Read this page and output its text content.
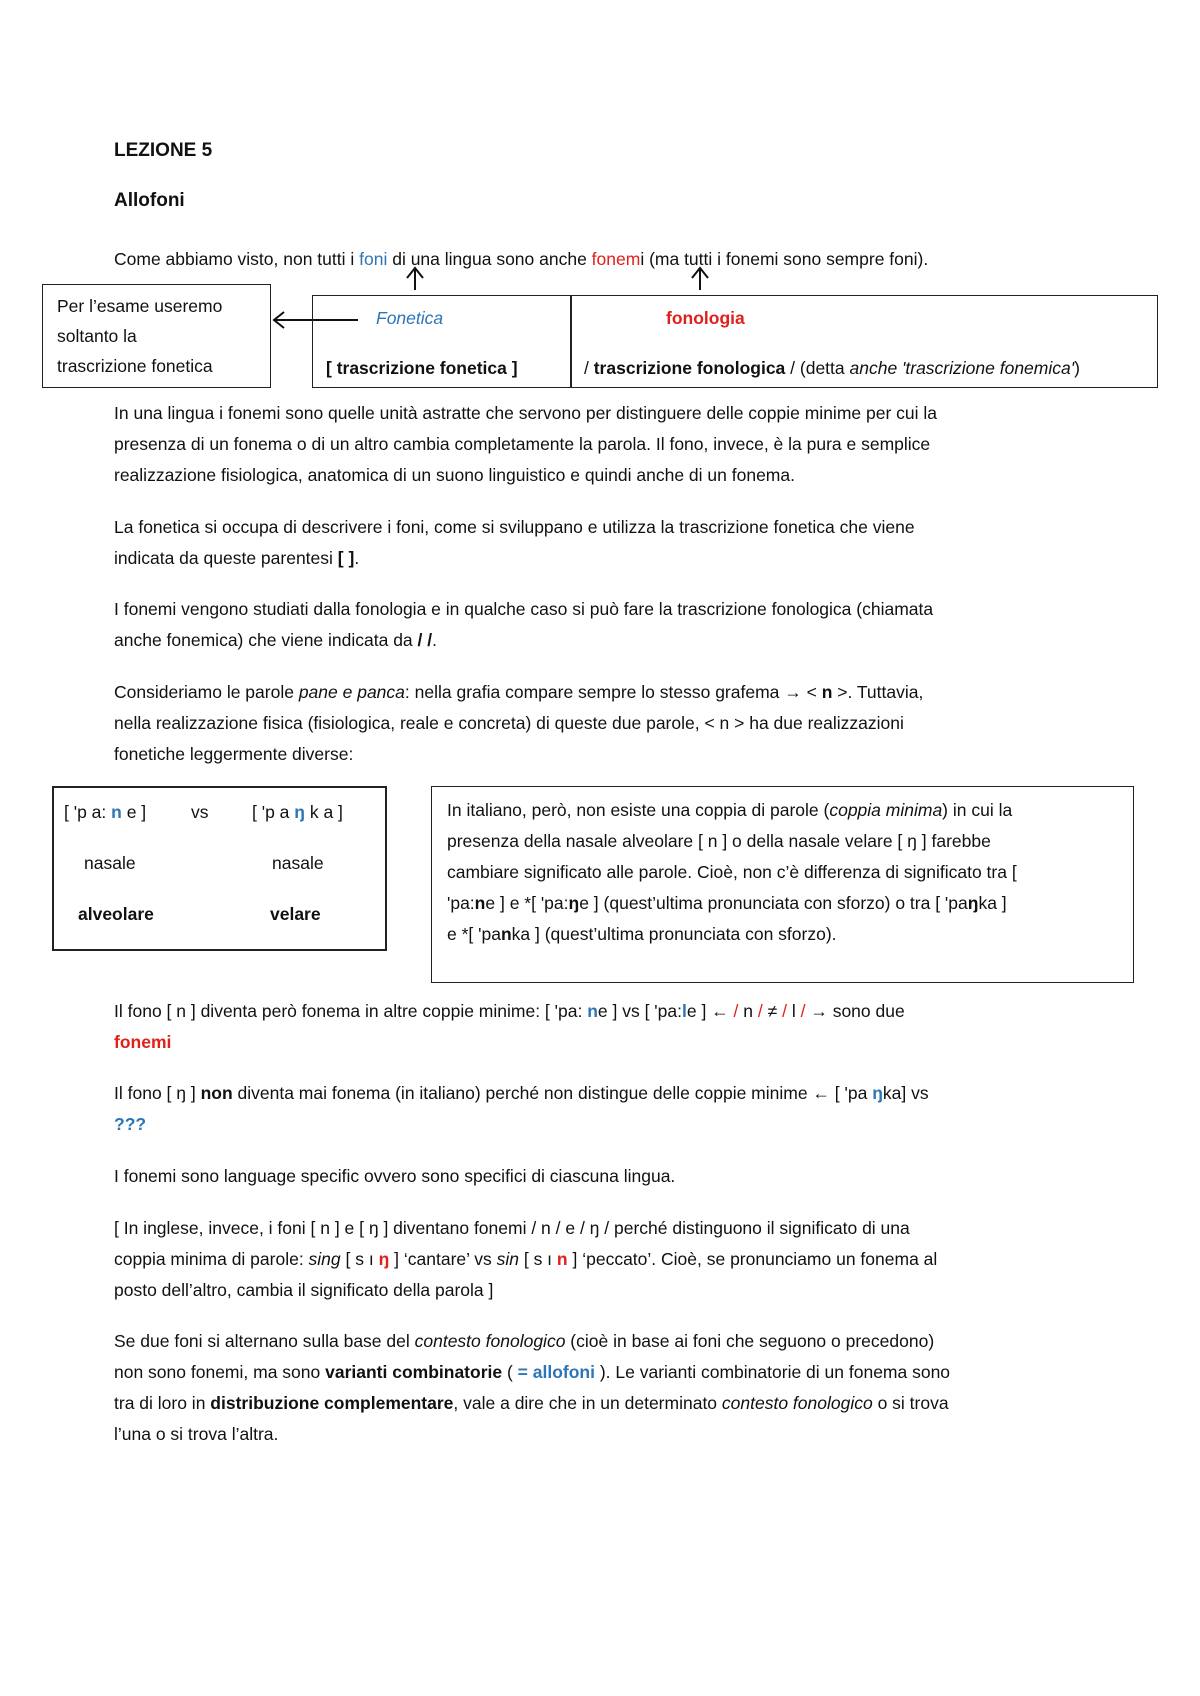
LEZIONE 5
Allofoni
Come abbiamo visto, non tutti i foni di una lingua sono anche fonemi (ma tutti i fonemi sono sempre foni).
Per l’esame useremo
soltanto la
trascrizione fonetica
Fonetica
[ trascrizione fonetica ]
fonologia
/ trascrizione fonologica / (detta anche 'trascrizione fonemica')
In una lingua i fonemi sono quelle unità astratte che servono per distinguere delle coppie minime per cui la
presenza di un fonema o di un altro cambia completamente la parola. Il fono, invece, è la pura e semplice
realizzazione fisiologica, anatomica di un suono linguistico e quindi anche di un fonema.
La fonetica si occupa di descrivere i foni, come si sviluppano e utilizza la trascrizione fonetica che viene
indicata da queste parentesi [ ].
I fonemi vengono studiati dalla fonologia e in qualche caso si può fare la trascrizione fonologica (chiamata
anche fonemica) che viene indicata da / /.
Consideriamo le parole pane e panca: nella grafia compare sempre lo stesso grafema → < n >. Tuttavia,
nella realizzazione fisica (fisiologica, reale e concreta) di queste due parole, < n > ha due realizzazioni
fonetiche leggermente diverse:
[ 'p a: n e ]	vs [ 'p a ŋ k a ]
nasale	nasale
alveolare	velare
In italiano, però, non esiste una coppia di parole (coppia minima) in cui la
presenza della nasale alveolare [ n ] o della nasale velare [ ŋ ] farebbe
cambiare significato alle parole. Cioè, non c’è differenza di significato tra [
'pa:ne ] e *[ 'pa:ŋe ] (quest’ultima pronunciata con sforzo) o tra [ 'paŋka ]
e *[ 'panka ] (quest’ultima pronunciata con sforzo).
Il fono [ n ] diventa però fonema in altre coppie minime: [ 'pa: ne ] vs [ 'pa:le ] ← / n / ≠ / l / → sono due
fonemi
Il fono [ ŋ ] non diventa mai fonema (in italiano) perché non distingue delle coppie minime ← [ 'pa ŋka] vs
???
I fonemi sono language specific ovvero sono specifici di ciascuna lingua.
[ In inglese, invece, i foni [ n ] e [ ŋ ] diventano fonemi / n / e / ŋ / perché distinguono il significato di una
coppia minima di parole: sing [ s ı ŋ ] ‘cantare’ vs sin [ s ı n ] ‘peccato’. Cioè, se pronunciamo un fonema al
posto dell’altro, cambia il significato della parola ]
Se due foni si alternano sulla base del contesto fonologico (cioè in base ai foni che seguono o precedono)
non sono fonemi, ma sono varianti combinatorie ( = allofoni ). Le varianti combinatorie di un fonema sono
tra di loro in distribuzione complementare, vale a dire che in un determinato contesto fonologico o si trova
l’una o si trova l’altra.
